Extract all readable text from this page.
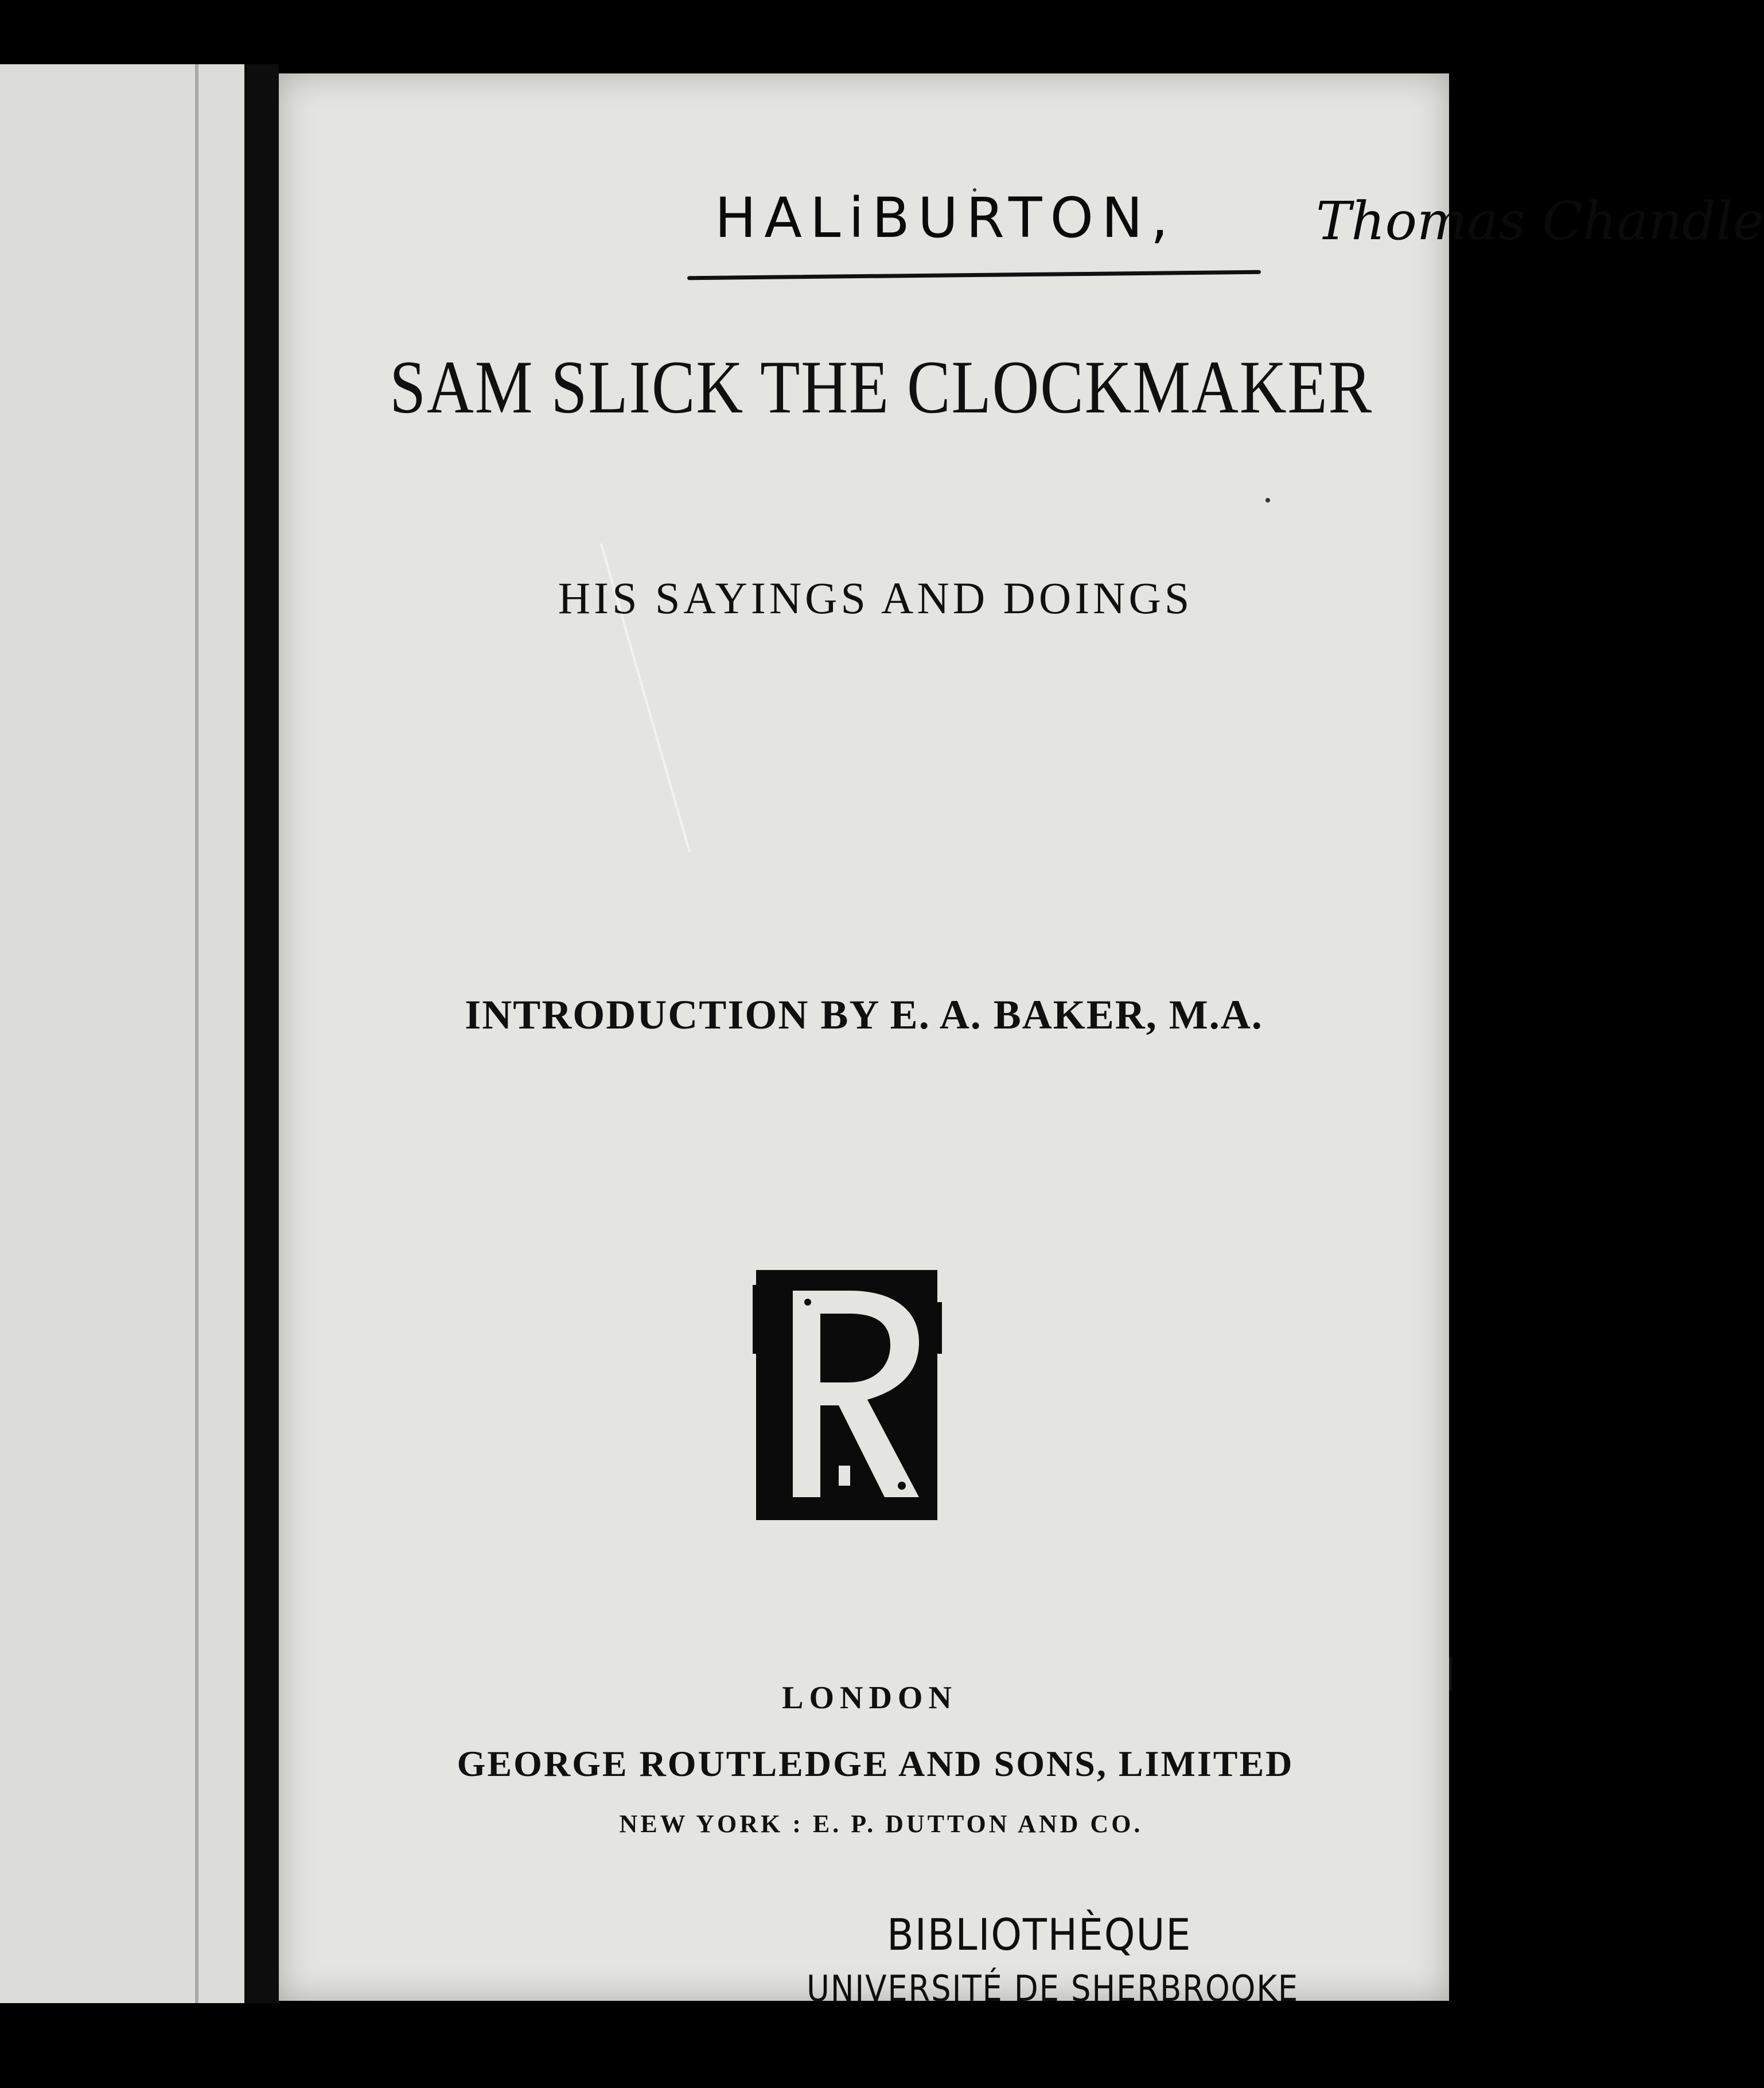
HALiBURTON,	Thomas Chandle
SAM SLICK THE CLOCKMAKER
HIS SAYINGS AND DOINGS
INTRODUCTION BY E. A. BAKER, M.A.
LONDON
GEORGE ROUTLEDGE AND SONS, LIMITED
NEW YORK : E. P. DUTTON AND CO.
BIBLIOTHÈQUE
UNIVERSITÉ DE SHERBROOKE
